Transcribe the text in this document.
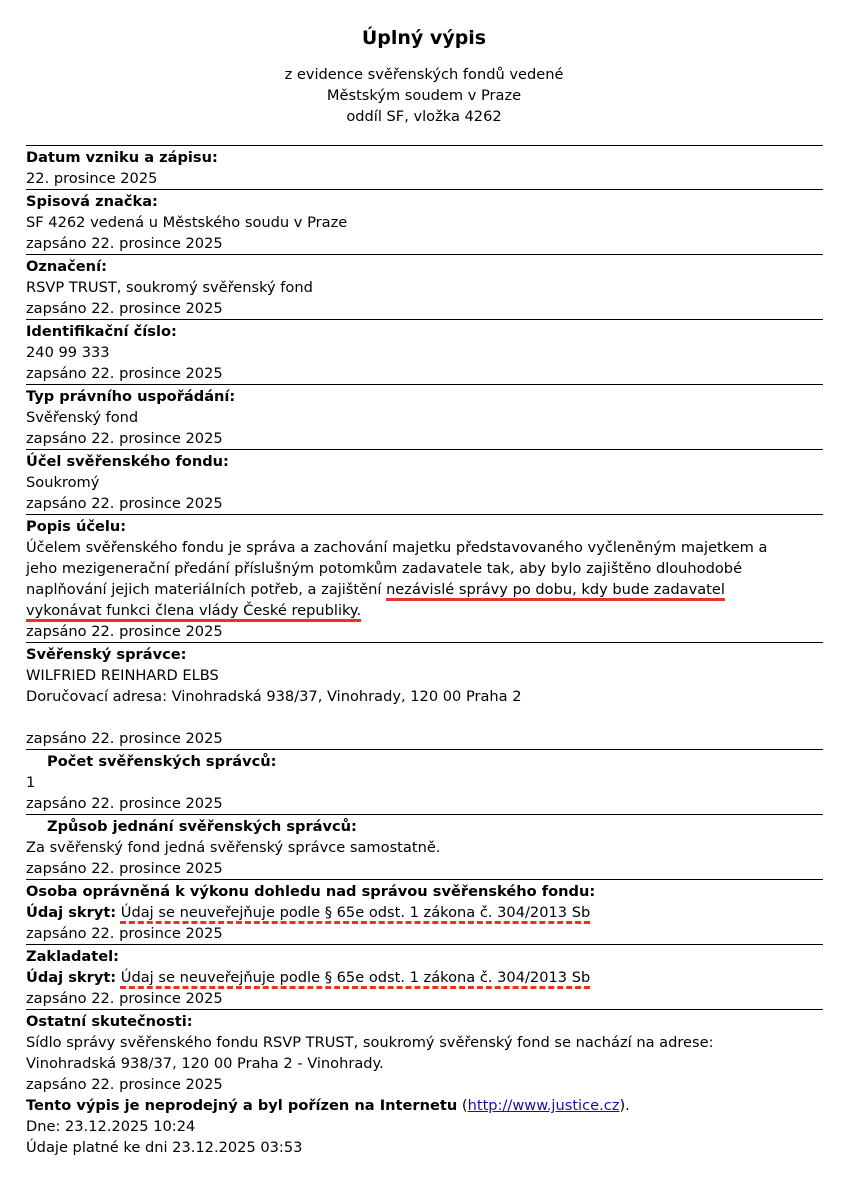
Úplný výpis
z evidence svěřenských fondů vedené
Městským soudem v Praze
oddíl SF, vložka 4262
Datum vzniku a zápisu:
22. prosince 2025
Spisová značka:
SF 4262 vedená u Městského soudu v Praze
zapsáno 22. prosince 2025
Označení:
RSVP TRUST, soukromý svěřenský fond
zapsáno 22. prosince 2025
Identifikační číslo:
240 99 333
zapsáno 22. prosince 2025
Typ právního uspořádání:
Svěřenský fond
zapsáno 22. prosince 2025
Účel svěřenského fondu:
Soukromý
zapsáno 22. prosince 2025
Popis účelu:
Účelem svěřenského fondu je správa a zachování majetku představovaného vyčleněným majetkem a
jeho mezigenerační předání příslušným potomkům zadavatele tak, aby bylo zajištěno dlouhodobé
naplňování jejich materiálních potřeb, a zajištění nezávislé správy po dobu, kdy bude zadavatel
vykonávat funkci člena vlády České republiky.
zapsáno 22. prosince 2025
Svěřenský správce:
WILFRIED REINHARD ELBS
Doručovací adresa: Vinohradská 938/37, Vinohrady, 120 00 Praha 2
zapsáno 22. prosince 2025
Počet svěřenských správců:
1
zapsáno 22. prosince 2025
Způsob jednání svěřenských správců:
Za svěřenský fond jedná svěřenský správce samostatně.
zapsáno 22. prosince 2025
Osoba oprávněná k výkonu dohledu nad správou svěřenského fondu:
Údaj skryt: Údaj se neuveřejňuje podle § 65e odst. 1 zákona č. 304/2013 Sb
zapsáno 22. prosince 2025
Zakladatel:
Údaj skryt: Údaj se neuveřejňuje podle § 65e odst. 1 zákona č. 304/2013 Sb
zapsáno 22. prosince 2025
Ostatní skutečnosti:
Sídlo správy svěřenského fondu RSVP TRUST, soukromý svěřenský fond se nachází na adrese:
Vinohradská 938/37, 120 00 Praha 2 - Vinohrady.
zapsáno 22. prosince 2025
Tento výpis je neprodejný a byl pořízen na Internetu (http://www.justice.cz).
Dne: 23.12.2025 10:24
Údaje platné ke dni 23.12.2025 03:53
